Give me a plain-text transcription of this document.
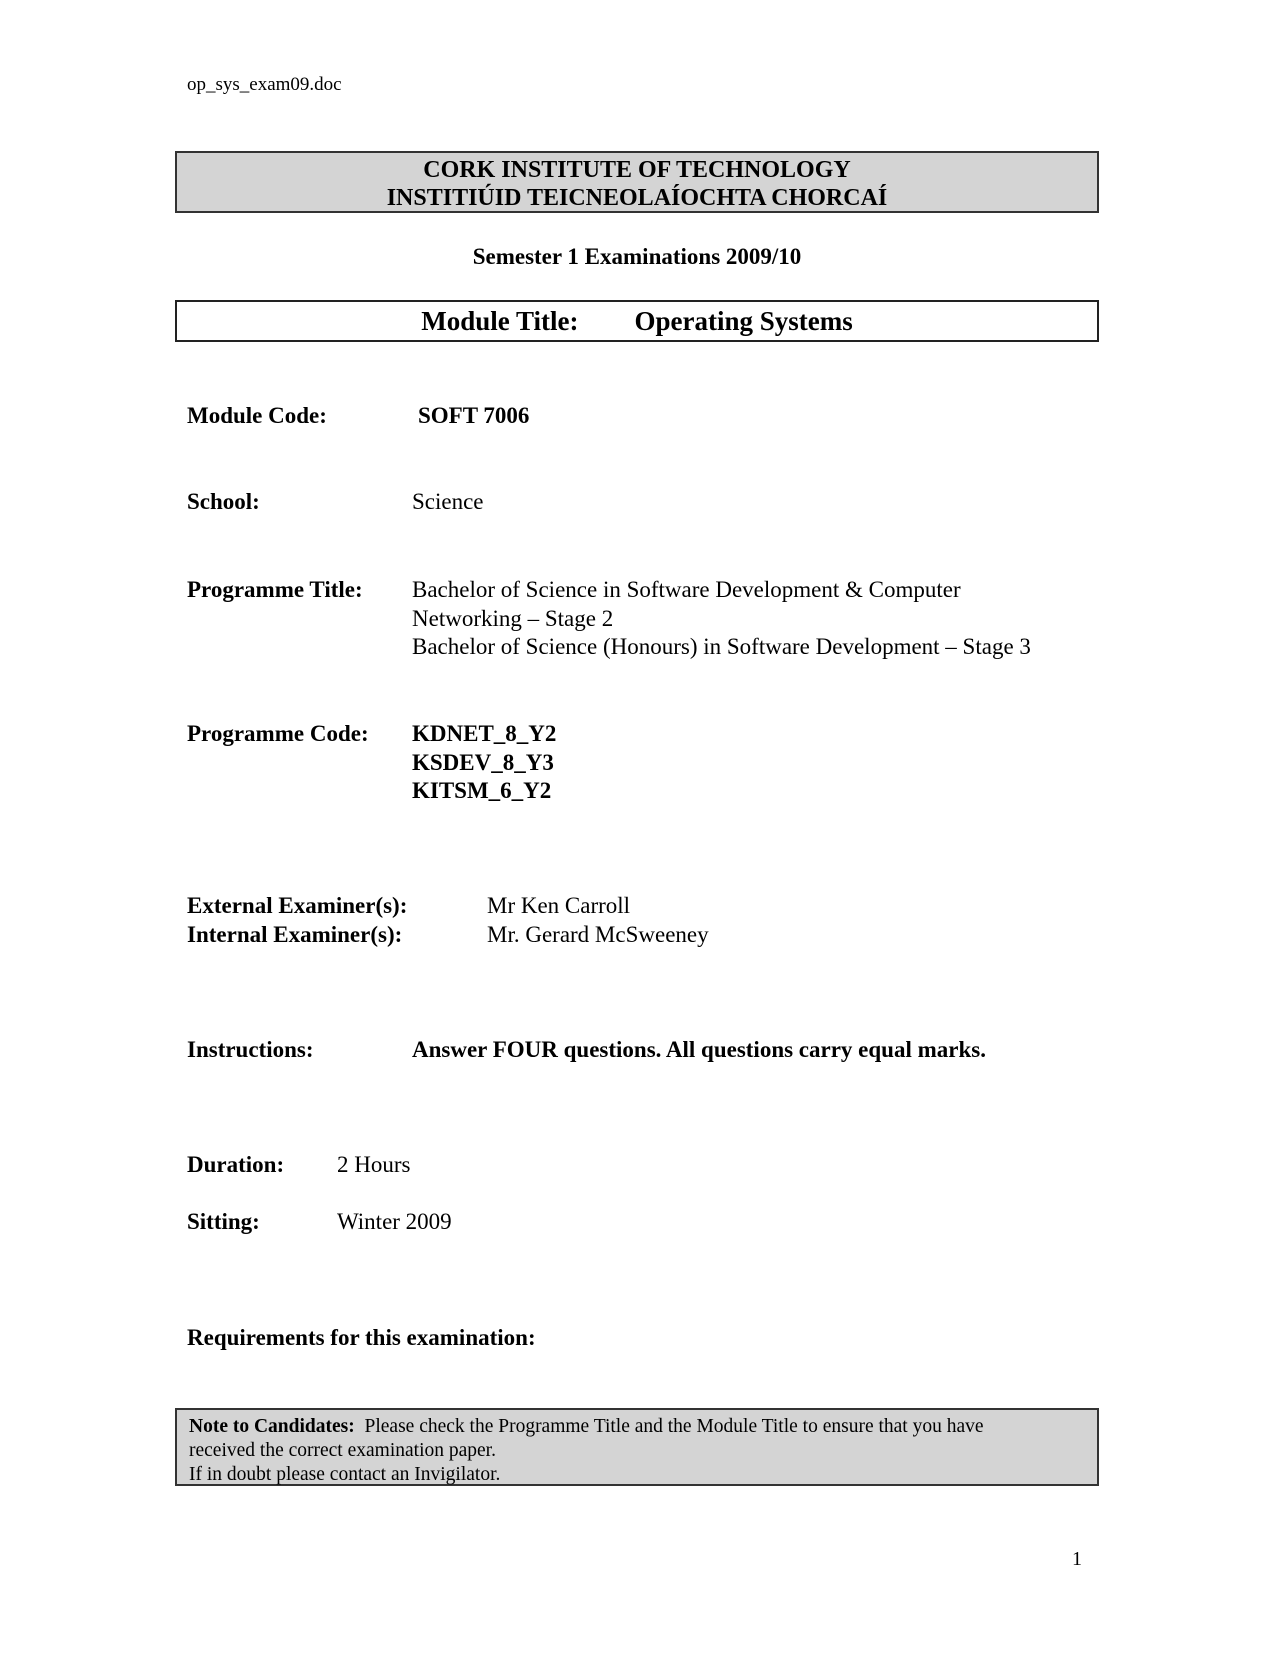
op_sys_exam09.doc
CORK INSTITUTE OF TECHNOLOGY
INSTITIÚID TEICNEOLAÍOCHTA CHORCAÍ
Semester 1 Examinations 2009/10
Module Title: Operating Systems
Module Code:	SOFT 7006
School:	Science
Programme Title: Bachelor of Science in Software Development & Computer
Networking – Stage 2
Bachelor of Science (Honours) in Software Development – Stage 3
Programme Code: KDNET_8_Y2
KSDEV_8_Y3
KITSM_6_Y2
External Examiner(s):	Mr Ken Carroll
Internal Examiner(s):	Mr. Gerard McSweeney
Instructions:	Answer FOUR questions. All questions carry equal marks.
Duration: 2 Hours
Sitting:	Winter 2009
Requirements for this examination:
Note to Candidates: Please check the Programme Title and the Module Title to ensure that you have
received the correct examination paper.
If in doubt please contact an Invigilator.
1
